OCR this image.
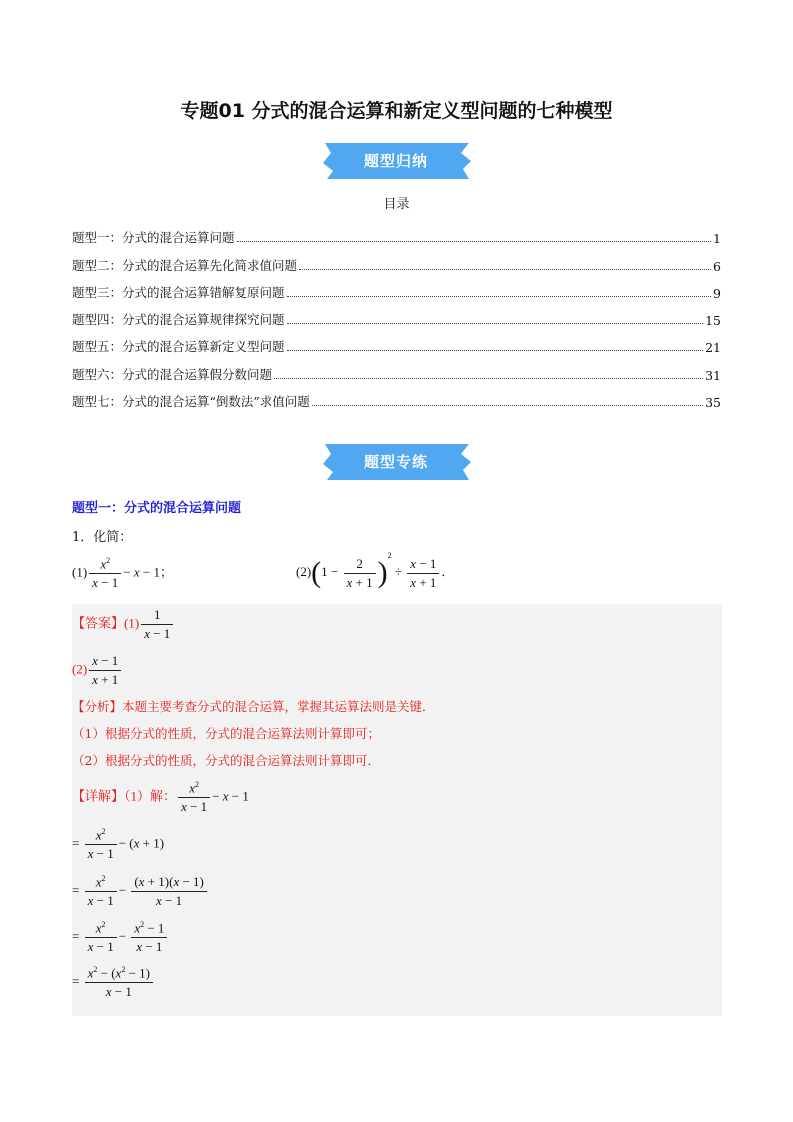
专题01 分式的混合运算和新定义型问题的七种模型
题型归纳
目录
题型一：分式的混合运算问题	1
题型二：分式的混合运算先化简求值问题	6
题型三：分式的混合运算错解复原问题	9
题型四：分式的混合运算规律探究问题	15
题型五：分式的混合运算新定义型问题	21
题型六：分式的混合运算假分数问题	31
题型七：分式的混合运算“倒数法”求值问题	35
题型专练
题型一：分式的混合运算问题
1．化简：
$(1) \frac{x^2}{x - 1} - x - 1$；	$(2)(1 - \frac{2}{x + 1} )^2 \div \frac{x - 1}{x + 1}$ ．
【答案】$(1) \frac{1}{x - 1}$
$(2) \frac{x - 1}{x + 1}$
【分析】本题主要考查分式的混合运算，掌握其运算法则是关键．
（1）根据分式的性质，分式的混合运算法则计算即可；
（2）根据分式的性质，分式的混合运算法则计算即可．
【详解】（1）解： $\frac{x^2}{x - 1} - x - 1$
= $\frac{x^2}{x - 1} - (x + 1)$
= $\frac{x^2}{x - 1} - \frac{(x + 1)(x - 1)}{x - 1}$
= $\frac{x^2}{x - 1} - \frac{x^2 - 1}{x - 1}$
= $\frac{x^2 - (x^2 - 1)}{x - 1}$
